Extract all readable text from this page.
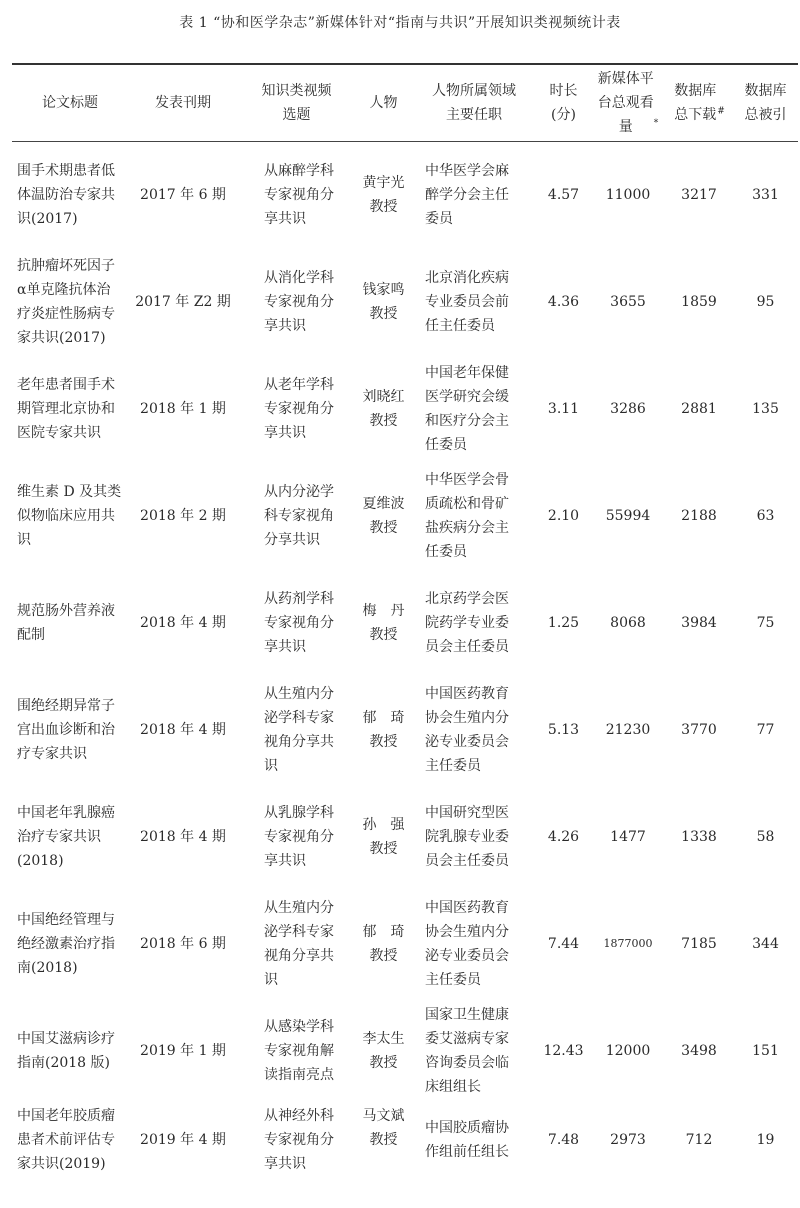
表 1 “协和医学杂志”新媒体针对“指南与共识”开展知识类视频统计表
论文标题	发表刊期	知识类视频选题	人物	人物所属领域主要任职	时长(分)	新媒体平台总观看量 *	数据库总下载#	数据库总被引
围手术期患者低体温防治专家共识(2017)	2017 年 6 期	从麻醉学科专家视角分享共识	黄宇光教授	中华医学会麻醉学分会主任委员	4.57	11000	3217	331
抗肿瘤坏死因子α单克隆抗体治疗炎症性肠病专家共识(2017)	2017 年 Z2 期	从消化学科专家视角分享共识	钱家鸣教授	北京消化疾病专业委员会前任主任委员	4.36	3655	1859	95
老年患者围手术期管理北京协和医院专家共识	2018 年 1 期	从老年学科专家视角分享共识	刘晓红教授	中国老年保健医学研究会缓和医疗分会主任委员	3.11	3286	2881	135
维生素 D 及其类似物临床应用共识	2018 年 2 期	从内分泌学科专家视角分享共识	夏维波教授	中华医学会骨质疏松和骨矿盐疾病分会主任委员	2.10	55994	2188	63
规范肠外营养液配制	2018 年 4 期	从药剂学科专家视角分享共识	梅　丹教授	北京药学会医院药学专业委员会主任委员	1.25	8068	3984	75
围绝经期异常子宫出血诊断和治疗专家共识	2018 年 4 期	从生殖内分泌学科专家视角分享共识	郁　琦教授	中国医药教育协会生殖内分泌专业委员会主任委员	5.13	21230	3770	77
中国老年乳腺癌治疗专家共识(2018)	2018 年 4 期	从乳腺学科专家视角分享共识	孙　强教授	中国研究型医院乳腺专业委员会主任委员	4.26	1477	1338	58
中国绝经管理与绝经激素治疗指南(2018)	2018 年 6 期	从生殖内分泌学科专家视角分享共识	郁　琦教授	中国医药教育协会生殖内分泌专业委员会主任委员	7.44	1877000	7185	344
中国艾滋病诊疗指南(2018 版)	2019 年 1 期	从感染学科专家视角解读指南亮点	李太生教授	国家卫生健康委艾滋病专家咨询委员会临床组组长	12.43	12000	3498	151
中国老年胶质瘤患者术前评估专家共识(2019)	2019 年 4 期	从神经外科专家视角分享共识	马文斌教授	中国胶质瘤协作组前任组长	7.48	2973	712	19
